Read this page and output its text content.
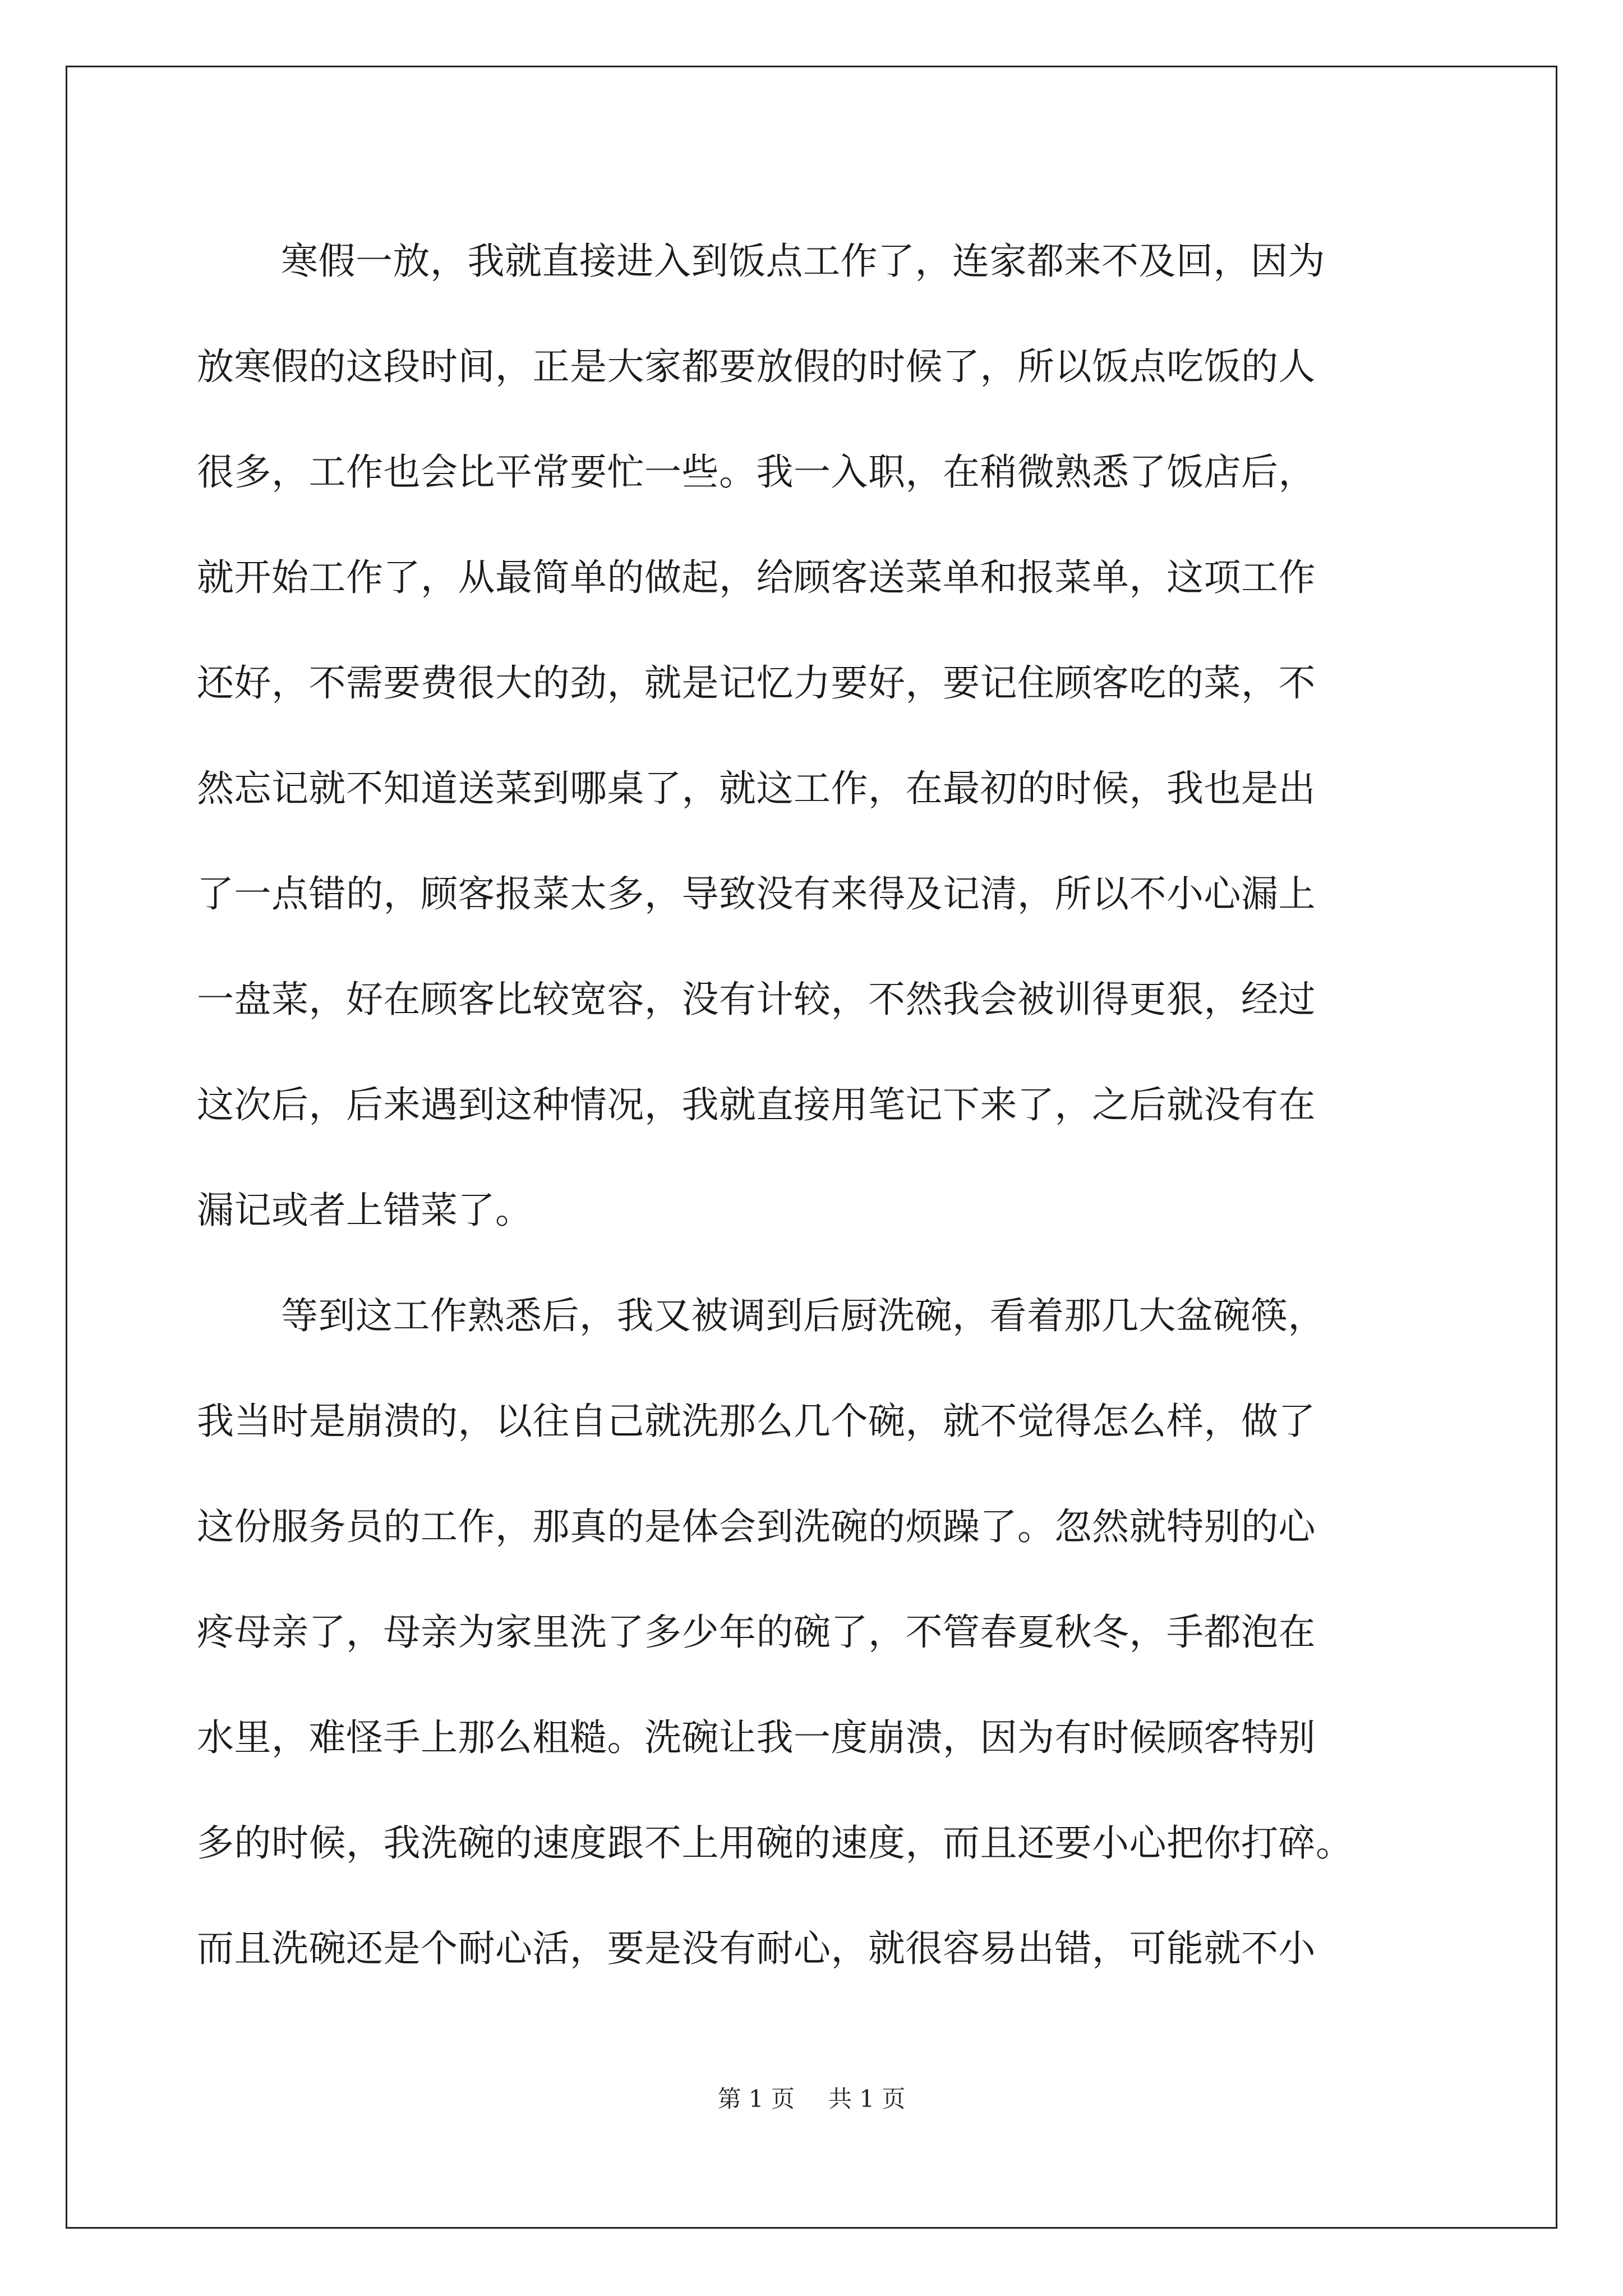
寒假一放，我就直接进入到饭点工作了，连家都来不及回，因为
放寒假的这段时间，正是大家都要放假的时候了，所以饭点吃饭的人
很多，工作也会比平常要忙一些。我一入职，在稍微熟悉了饭店后，
就开始工作了，从最简单的做起，给顾客送菜单和报菜单，这项工作
还好，不需要费很大的劲，就是记忆力要好，要记住顾客吃的菜，不
然忘记就不知道送菜到哪桌了，就这工作，在最初的时候，我也是出
了一点错的，顾客报菜太多，导致没有来得及记清，所以不小心漏上
一盘菜，好在顾客比较宽容，没有计较，不然我会被训得更狠，经过
这次后，后来遇到这种情况，我就直接用笔记下来了，之后就没有在
漏记或者上错菜了。
等到这工作熟悉后，我又被调到后厨洗碗，看着那几大盆碗筷，
我当时是崩溃的，以往自己就洗那么几个碗，就不觉得怎么样，做了
这份服务员的工作，那真的是体会到洗碗的烦躁了。忽然就特别的心
疼母亲了，母亲为家里洗了多少年的碗了，不管春夏秋冬，手都泡在
水里，难怪手上那么粗糙。洗碗让我一度崩溃，因为有时候顾客特别
多的时候，我洗碗的速度跟不上用碗的速度，而且还要小心把你打碎。
而且洗碗还是个耐心活，要是没有耐心，就很容易出错，可能就不小
第 1 页 共 1 页
